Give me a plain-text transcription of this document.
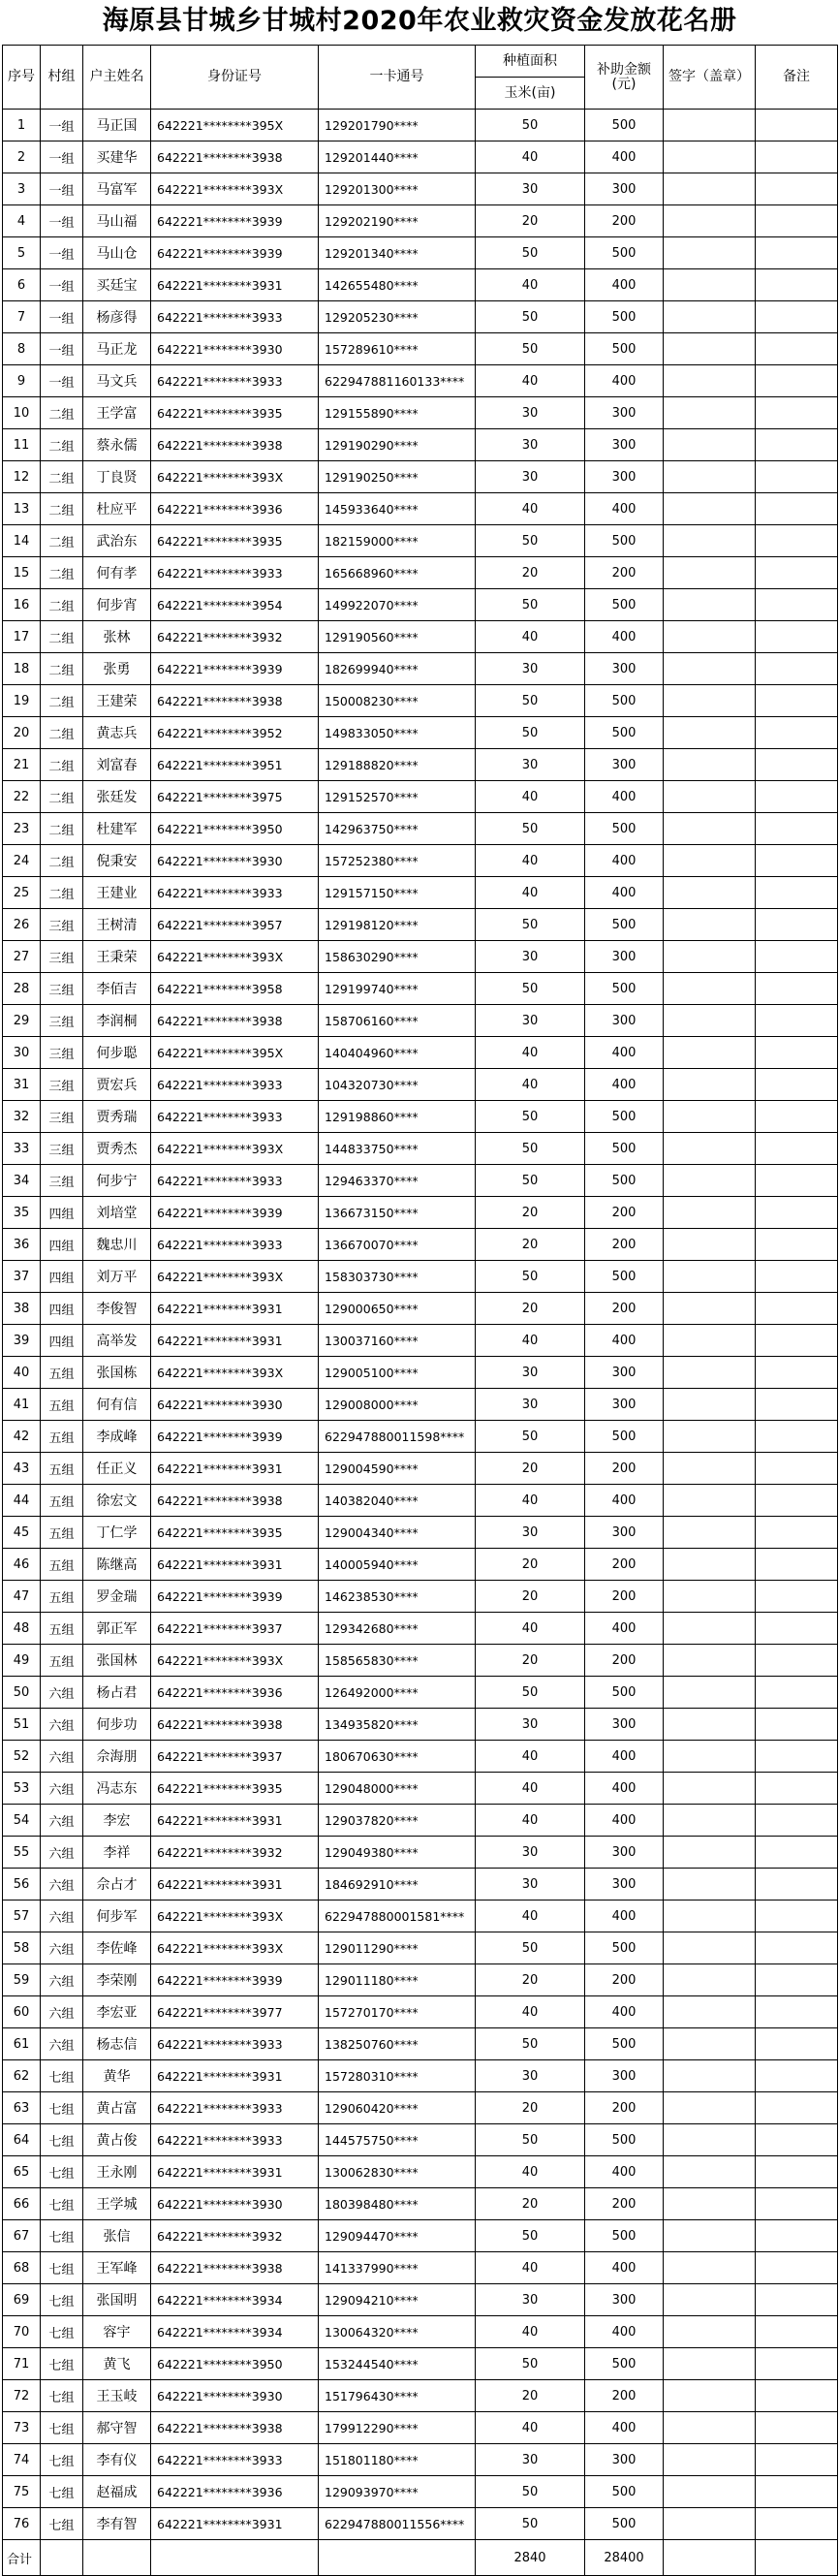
海原县甘城乡甘城村2020年农业救灾资金发放花名册
序号	村组	户主姓名	身份证号	一卡通号	种植面积	补助金额(元)	签字（盖章）	备注
					玉米(亩)			
1	一组	马正国	642221********395X	129201790****	50	500		
2	一组	买建华	642221********3938	129201440****	40	400		
3	一组	马富军	642221********393X	129201300****	30	300		
4	一组	马山福	642221********3939	129202190****	20	200		
5	一组	马山仓	642221********3939	129201340****	50	500		
6	一组	买廷宝	642221********3931	142655480****	40	400		
7	一组	杨彦得	642221********3933	129205230****	50	500		
8	一组	马正龙	642221********3930	157289610****	50	500		
9	一组	马文兵	642221********3933	622947881160133****	40	400		
10	二组	王学富	642221********3935	129155890****	30	300		
11	二组	蔡永儒	642221********3938	129190290****	30	300		
12	二组	丁良贤	642221********393X	129190250****	30	300		
13	二组	杜应平	642221********3936	145933640****	40	400		
14	二组	武治东	642221********3935	182159000****	50	500		
15	二组	何有孝	642221********3933	165668960****	20	200		
16	二组	何步宵	642221********3954	149922070****	50	500		
17	二组	张林	642221********3932	129190560****	40	400		
18	二组	张勇	642221********3939	182699940****	30	300		
19	二组	王建荣	642221********3938	150008230****	50	500		
20	二组	黄志兵	642221********3952	149833050****	50	500		
21	二组	刘富春	642221********3951	129188820****	30	300		
22	二组	张廷发	642221********3975	129152570****	40	400		
23	二组	杜建军	642221********3950	142963750****	50	500		
24	二组	倪秉安	642221********3930	157252380****	40	400		
25	二组	王建业	642221********3933	129157150****	40	400		
26	三组	王树清	642221********3957	129198120****	50	500		
27	三组	王秉荣	642221********393X	158630290****	30	300		
28	三组	李佰吉	642221********3958	129199740****	50	500		
29	三组	李润桐	642221********3938	158706160****	30	300		
30	三组	何步聪	642221********395X	140404960****	40	400		
31	三组	贾宏兵	642221********3933	104320730****	40	400		
32	三组	贾秀瑞	642221********3933	129198860****	50	500		
33	三组	贾秀杰	642221********393X	144833750****	50	500		
34	三组	何步宁	642221********3933	129463370****	50	500		
35	四组	刘培堂	642221********3939	136673150****	20	200		
36	四组	魏忠川	642221********3933	136670070****	20	200		
37	四组	刘万平	642221********393X	158303730****	50	500		
38	四组	李俊智	642221********3931	129000650****	20	200		
39	四组	高举发	642221********3931	130037160****	40	400		
40	五组	张国栋	642221********393X	129005100****	30	300		
41	五组	何有信	642221********3930	129008000****	30	300		
42	五组	李成峰	642221********3939	622947880011598****	50	500		
43	五组	任正义	642221********3931	129004590****	20	200		
44	五组	徐宏文	642221********3938	140382040****	40	400		
45	五组	丁仁学	642221********3935	129004340****	30	300		
46	五组	陈继高	642221********3931	140005940****	20	200		
47	五组	罗金瑞	642221********3939	146238530****	20	200		
48	五组	郭正军	642221********3937	129342680****	40	400		
49	五组	张国林	642221********393X	158565830****	20	200		
50	六组	杨占君	642221********3936	126492000****	50	500		
51	六组	何步功	642221********3938	134935820****	30	300		
52	六组	佘海朋	642221********3937	180670630****	40	400		
53	六组	冯志东	642221********3935	129048000****	40	400		
54	六组	李宏	642221********3931	129037820****	40	400		
55	六组	李祥	642221********3932	129049380****	30	300		
56	六组	佘占才	642221********3931	184692910****	30	300		
57	六组	何步军	642221********393X	622947880001581****	40	400		
58	六组	李佐峰	642221********393X	129011290****	50	500		
59	六组	李荣刚	642221********3939	129011180****	20	200		
60	六组	李宏亚	642221********3977	157270170****	40	400		
61	六组	杨志信	642221********3933	138250760****	50	500		
62	七组	黄华	642221********3931	157280310****	30	300		
63	七组	黄占富	642221********3933	129060420****	20	200		
64	七组	黄占俊	642221********3933	144575750****	50	500		
65	七组	王永刚	642221********3931	130062830****	40	400		
66	七组	王学城	642221********3930	180398480****	20	200		
67	七组	张信	642221********3932	129094470****	50	500		
68	七组	王军峰	642221********3938	141337990****	40	400		
69	七组	张国明	642221********3934	129094210****	30	300		
70	七组	容宇	642221********3934	130064320****	40	400		
71	七组	黄飞	642221********3950	153244540****	50	500		
72	七组	王玉岐	642221********3930	151796430****	20	200		
73	七组	郝守智	642221********3938	179912290****	40	400		
74	七组	李有仪	642221********3933	151801180****	30	300		
75	七组	赵福成	642221********3936	129093970****	50	500		
76	七组	李有智	642221********3931	622947880011556****	50	500		
合计					2840	28400		
